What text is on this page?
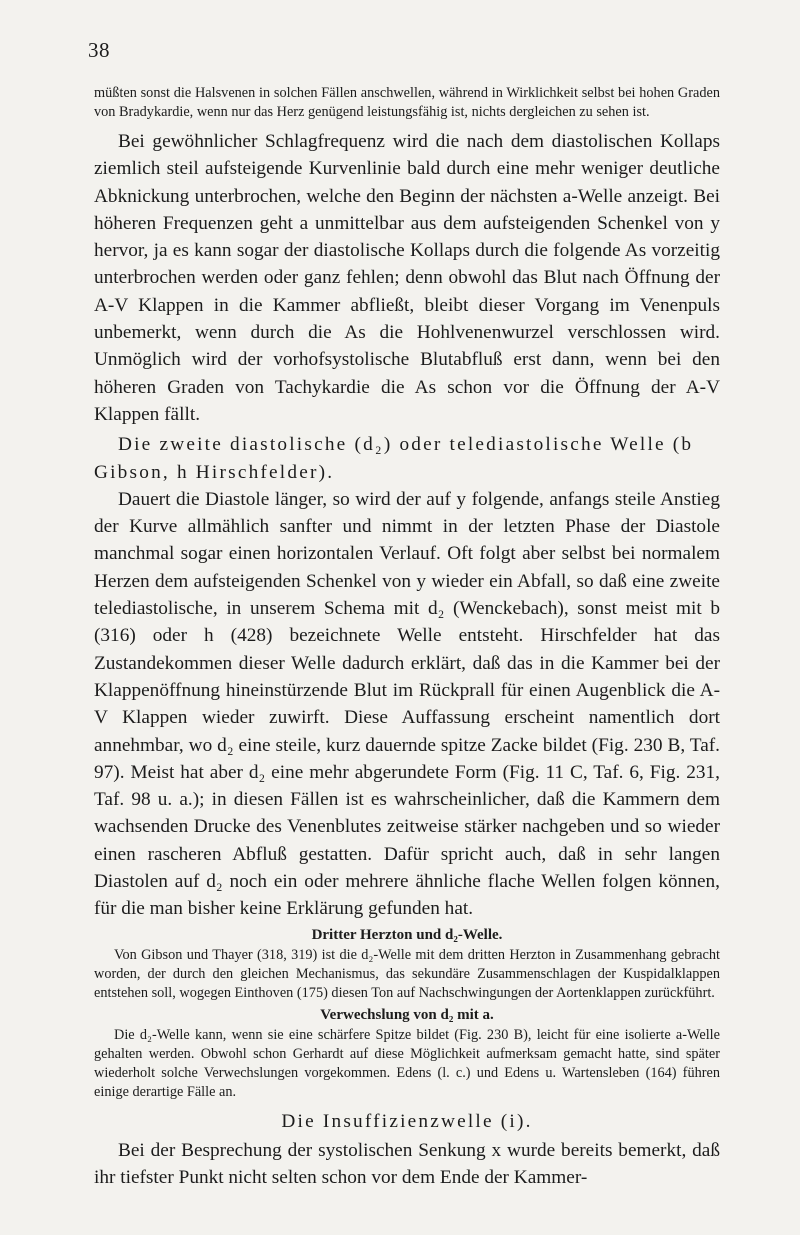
38

müßten sonst die Halsvenen in solchen Fällen anschwellen, während in Wirklichkeit selbst bei hohen Graden von Bradykardie, wenn nur das Herz genügend leistungsfähig ist, nichts dergleichen zu sehen ist.

Bei gewöhnlicher Schlagfrequenz wird die nach dem diastolischen Kollaps ziemlich steil aufsteigende Kurvenlinie bald durch eine mehr weniger deutliche Abknickung unterbrochen, welche den Beginn der nächsten a-Welle anzeigt. Bei höheren Frequenzen geht a unmittelbar aus dem aufsteigenden Schenkel von y hervor, ja es kann sogar der diastolische Kollaps durch die folgende As vorzeitig unterbrochen werden oder ganz fehlen; denn obwohl das Blut nach Öffnung der A-V Klappen in die Kammer abfließt, bleibt dieser Vorgang im Venenpuls unbemerkt, wenn durch die As die Hohlvenenwurzel verschlossen wird. Unmöglich wird der vorhofsystolische Blutabfluß erst dann, wenn bei den höheren Graden von Tachykardie die As schon vor die Öffnung der A-V Klappen fällt.

Die zweite diastolische (d₂) oder telediastolische Welle (b Gibson, h Hirschfelder).

Dauert die Diastole länger, so wird der auf y folgende, anfangs steile Anstieg der Kurve allmählich sanfter und nimmt in der letzten Phase der Diastole manchmal sogar einen horizontalen Verlauf. Oft folgt aber selbst bei normalem Herzen dem aufsteigenden Schenkel von y wieder ein Abfall, so daß eine zweite telediastolische, in unserem Schema mit d₂ (Wenckebach), sonst meist mit b (316) oder h (428) bezeichnete Welle entsteht. Hirschfelder hat das Zustandekommen dieser Welle dadurch erklärt, daß das in die Kammer bei der Klappenöffnung hineinstürzende Blut im Rückprall für einen Augenblick die A-V Klappen wieder zuwirft. Diese Auffassung erscheint namentlich dort annehmbar, wo d₂ eine steile, kurz dauernde spitze Zacke bildet (Fig. 230 B, Taf. 97). Meist hat aber d₂ eine mehr abgerundete Form (Fig. 11 C, Taf. 6, Fig. 231, Taf. 98 u. a.); in diesen Fällen ist es wahrscheinlicher, daß die Kammern dem wachsenden Drucke des Venenblutes zeitweise stärker nachgeben und so wieder einen rascheren Abfluß gestatten. Dafür spricht auch, daß in sehr langen Diastolen auf d₂ noch ein oder mehrere ähnliche flache Wellen folgen können, für die man bisher keine Erklärung gefunden hat.

Dritter Herzton und d₂-Welle.

Von Gibson und Thayer (318, 319) ist die d₂-Welle mit dem dritten Herzton in Zusammenhang gebracht worden, der durch den gleichen Mechanismus, das sekundäre Zusammenschlagen der Kuspidalklappen entstehen soll, wogegen Einthoven (175) diesen Ton auf Nachschwingungen der Aortenklappen zurückführt.

Verwechslung von d₂ mit a.

Die d₂-Welle kann, wenn sie eine schärfere Spitze bildet (Fig. 230 B), leicht für eine isolierte a-Welle gehalten werden. Obwohl schon Gerhardt auf diese Möglichkeit aufmerksam gemacht hatte, sind später wiederholt solche Verwechslungen vorgekommen. Edens (l. c.) und Edens u. Wartensleben (164) führen einige derartige Fälle an.

Die Insuffizienzwelle (i).

Bei der Besprechung der systolischen Senkung x wurde bereits bemerkt, daß ihr tiefster Punkt nicht selten schon vor dem Ende der Kammer-
